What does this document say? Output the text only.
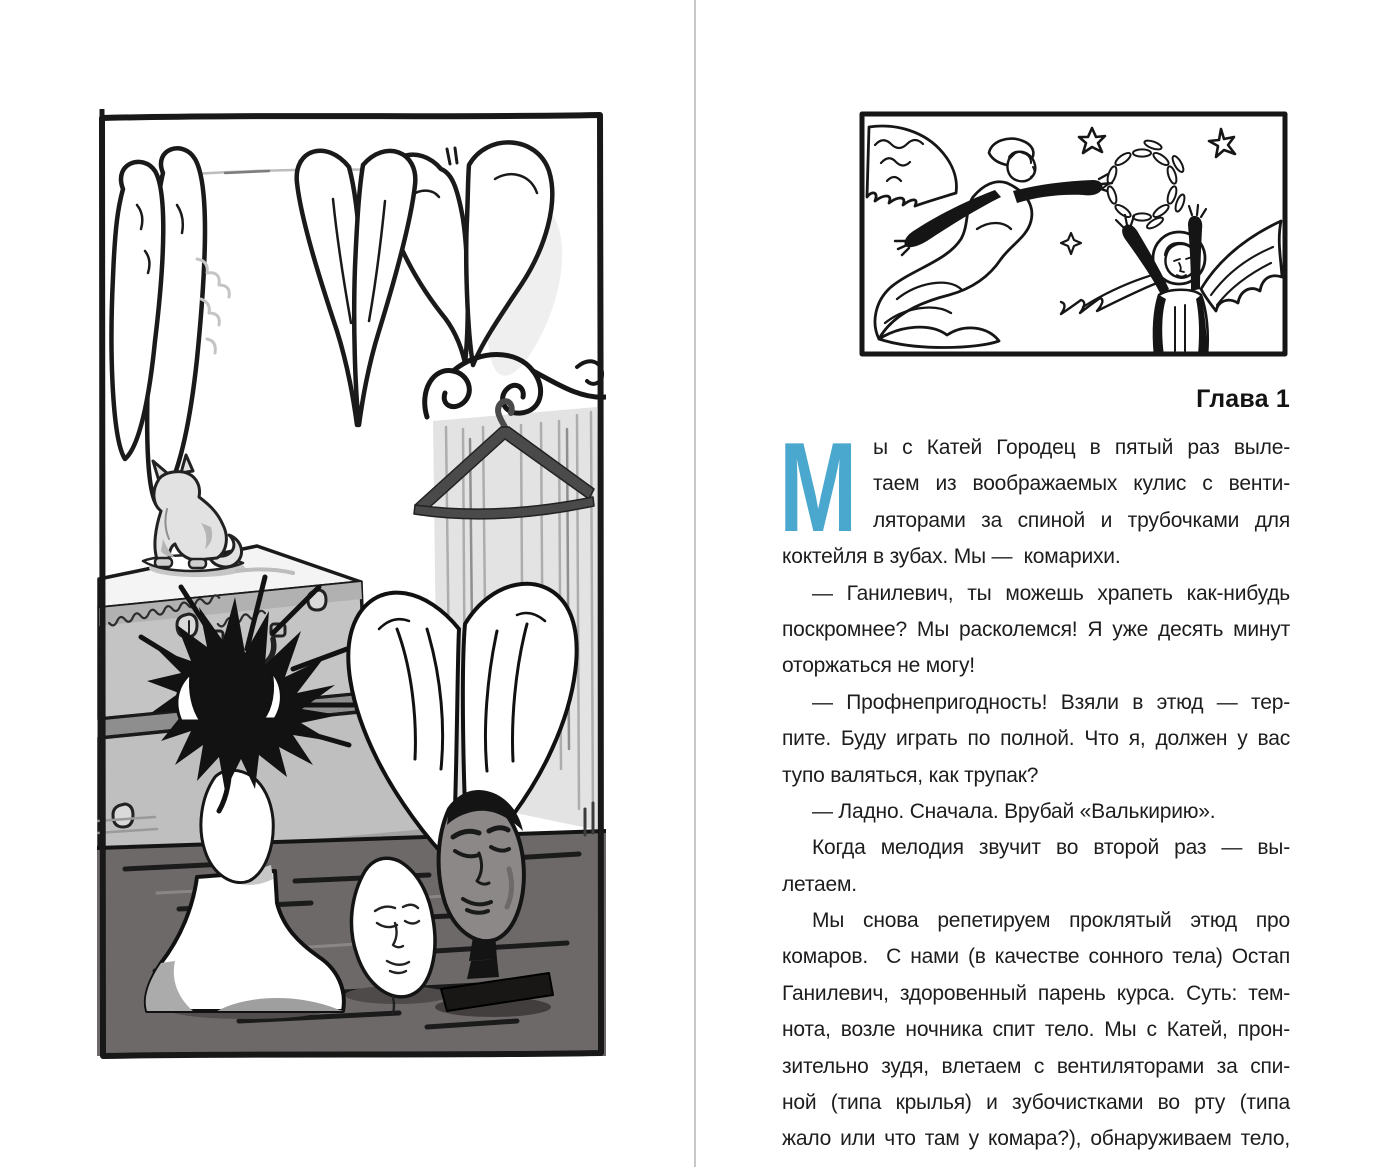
Глава 1
М ы с Катей Городец в пятый раз выле-
таем из воображаемых кулис с венти-
ляторами за спиной и трубочками для
коктейля в зубах. Мы —  комарихи.
— Ганилевич, ты можешь храпеть как-нибудь
поскромнее? Мы расколемся! Я уже десять минут
оторжаться не могу!
— Профнепригодность! Взяли в этюд — тер-
пите. Буду играть по полной. Что я, должен у вас
тупо валяться, как трупак?
— Ладно. Сначала. Врубай «Валькирию».
Когда мелодия звучит во второй раз — вы-
летаем.
Мы снова репетируем проклятый этюд про
комаров.  С нами (в качестве сонного тела) Остап
Ганилевич, здоровенный парень курса. Суть: тем-
нота, возле ночника спит тело. Мы с Катей, прон-
зительно зудя, влетаем с вентиляторами за спи-
ной (типа крылья) и зубочистками во рту (типа
жало или что там у комара?), обнаруживаем тело,
